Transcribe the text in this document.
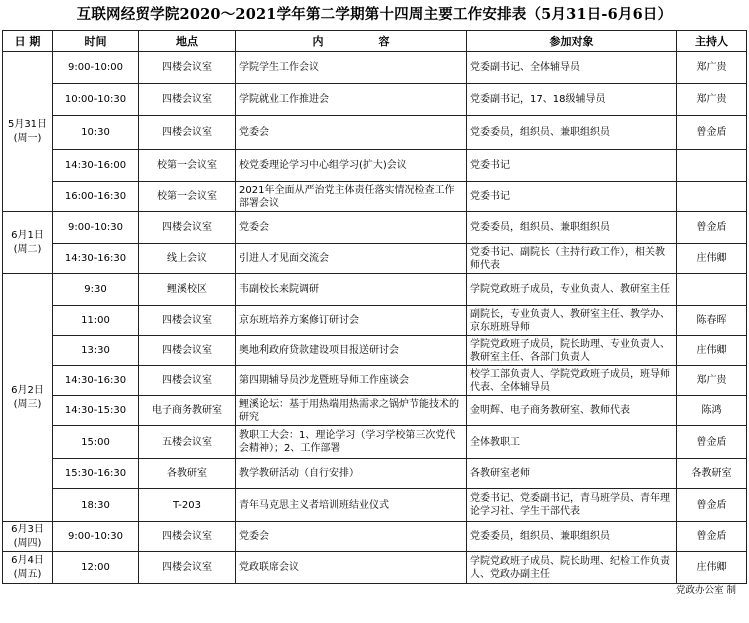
互联网经贸学院2020～2021学年第二学期第十四周主要工作安排表（5月31日-6月6日）
日 期	时间	地点	内　　　　　容	参加对象	主持人

5月31日
(周一)	9:00-10:00	四楼会议室	学院学生工作会议	党委副书记、全体辅导员	郑广贵
	10:00-10:30	四楼会议室	学院就业工作推进会	党委副书记，17、18级辅导员	郑广贵
	10:30	四楼会议室	党委会	党委委员，组织员、兼职组织员	曾金盾
	14:30-16:00	校第一会议室	校党委理论学习中心组学习(扩大)会议	党委书记	
	16:00-16:30	校第一会议室	2021年全面从严治党主体责任落实情况检查工作部署会议	党委书记	

6月1日
(周二)	9:00-10:30	四楼会议室	党委会	党委委员，组织员、兼职组织员	曾金盾
	14:30-16:30	线上会议	引进人才见面交流会	党委书记、副院长（主持行政工作），相关教师代表	庄伟卿

6月2日
(周三)	9:30	鲤溪校区	韦副校长来院调研	学院党政班子成员，专业负责人、教研室主任	
	11:00	四楼会议室	京东班培养方案修订研讨会	副院长，专业负责人、教研室主任、教学办、京东班班导师	陈春晖
	13:30	四楼会议室	奥地利政府贷款建设项目报送研讨会	学院党政班子成员，院长助理、专业负责人、教研室主任、各部门负责人	庄伟卿
	14:30-16:30	四楼会议室	第四期辅导员沙龙暨班导师工作座谈会	校学工部负责人、学院党政班子成员，班导师代表、全体辅导员	郑广贵
	14:30-15:30	电子商务教研室	鲤溪论坛：基于用热端用热需求之锅炉节能技术的研究	金明辉、电子商务教研室、教师代表	陈鸿
	15:00	五楼会议室	教职工大会：1、理论学习（学习学校第三次党代会精神）；2、工作部署	全体教职工	曾金盾
	15:30-16:30	各教研室	教学教研活动（自行安排）	各教研室老师	各教研室
	18:30	T-203	青年马克思主义者培训班结业仪式	党委书记、党委副书记，青马班学员、青年理论学习社、学生干部代表	曾金盾

6月3日
(周四)	9:00-10:30	四楼会议室	党委会	党委委员，组织员、兼职组织员	曾金盾

6月4日
(周五)	12:00	四楼会议室	党政联席会议	学院党政班子成员、院长助理、纪检工作负责人、党政办副主任	庄伟卿
党政办公室 制
